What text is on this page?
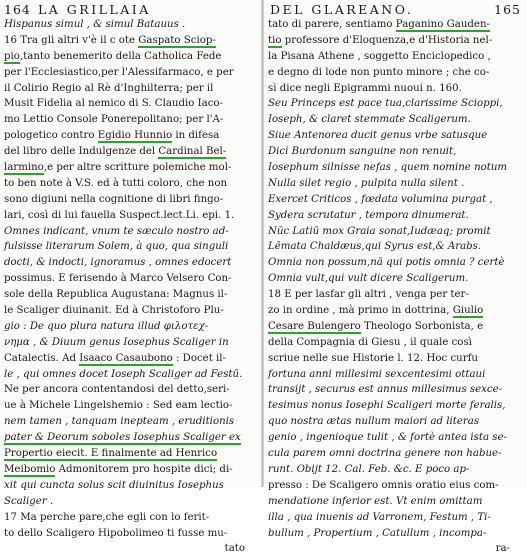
164 LA GRILLAIA
Hispanus simul , & simul Batauus .
16 Tra gli altri v'è il c ote Gaspato Sciop-
pio,tanto benemerito della Catholica Fede
per l'Ecclesiastico,per l'Alessifarmaco, e per
il Colirio Regio al Rè d'Inghilterra; per il
Musit Fidelia al nemico di S. Claudio Iaco-
mo Lettio Console Ponerepolitano; per l'A-
pologetico contro Egidio Hunnio in difesa
del libro delle Indulgenze del Cardinal Bel-
larmino,e per altre scritture polemiche mol-
to ben note à V.S. ed à tutti coloro, che non
sono digiuni nella cognitione di libri fingo-
lari, così di lui fauella Suspect.lect.Li. epi. 1.
Omnes indicant, vnum te sæculo nostro ad-
fulsisse literarum Solem, à quo, qua singuli
docti, & indocti, ignoramus , omnes edocert
possimus. E ferisendo à Marco Velsero Con-
sole della Republica Augustana: Magnus il-
le Scaliger diuinanit. Ed à Christoforo Plu-
gio : De quo plura natura illud φιλοτεχ-
νημα , & Diuum genus Iosephus Scaliger in
Catalectis. Ad Isaaco Casaubono : Docet il-
le , qui omnes docet Ioseph Scaliger ad Festū.
Ne per ancora contentandosi del detto,seri-
ue à Michele Lingelshemio : Sed eam lectio-
nem tamen , tanquam inepteam , eruditionis
pater & Deorum soboles Iosephus Scaliger ex
Propertio eiecit. E finalmente ad Henrico
Meibomio Admonitorem pro hospite dici; di-
xit qui cuncta solus scit diuinitus Iosephus
Scaliger .
17 Ma perche pare,che egli con lo ferit-
to dello Scaligero Hipobolimeo ti fusse mu-
tato
DEL GLAREANO.	165
tato di parere, sentiamo Paganino Gauden-
tio professore d'Eloquenza,e d'Historia nel-
la Pisana Athene , soggetto Enciclopedico ,
e degno di lode non punto minore ; che co-
sì dice negli Epigrammi nuoui n. 160.
Seu Princeps est pace tua,clarissime Scioppi,
Ioseph, & claret stemmate Scaligerum.
Siue Antenorea ducit genus vrbe satusque
Dici Burdonum sanguine non renuit,
Iosephum silnisse nefas , quem nomine notum
Nulla silet regio , pulpita nulla silent .
Exercet Criticos , fœdata volumina purgat ,
Sydera scrutatur , tempora dinumerat.
Nūc Latiū mox Graia sonat,Iudæaq; promit
Lēmata Chaldæus,qui Syrus est,& Arabs.
Omnia non possum,nā qui potis omnia ? certè
Omnia vult,qui vult dicere Scaligerum.
18 E per lasfar gli altri , venga per ter-
zo in ordine , mà primo in dottrina, Giulio
Cesare Bulengero Theologo Sorbonista, e
della Compagnia di Giesu , il quale così
scriue nelle sue Historie l. 12. Hoc curfu
fortuna anni millesimi sexcentesimi ottaui
transijt , securus est annus millesimus sexce-
tesimus nonus Iosephi Scaligeri morte feralis,
quo nostra ætas nullum maiori ad literas
genio , ingenioque tulit , & fortè antea ista se-
cula parem omni doctrina genere non habue-
runt. Obijt 12. Cal. Feb. &c. E poco ap-
presso : De Scaligero omnis oratio eius com-
mendatione inferior est. Vt enim omittam
illa , qua inuenis ad Varronem, Festum , Ti-
bullum , Propertium , Catullum , incompa-
ra-
